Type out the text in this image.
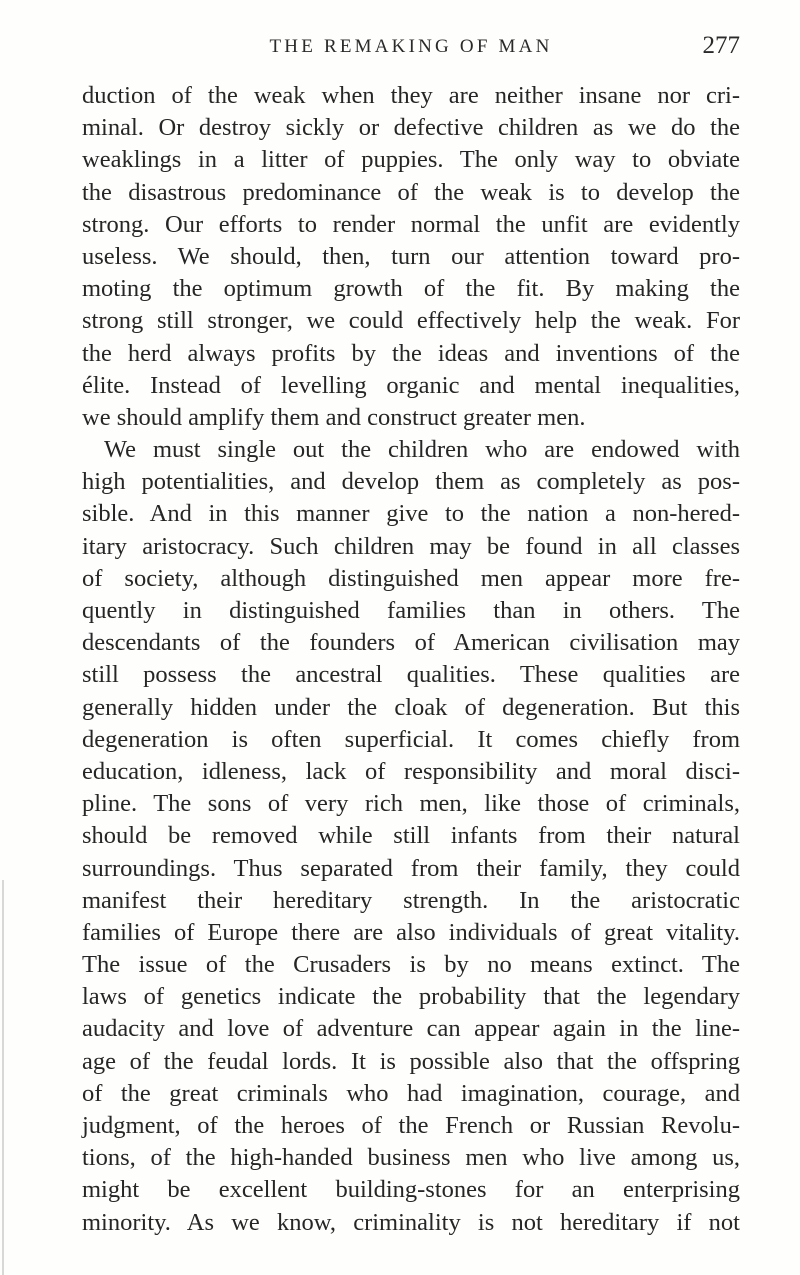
THE REMAKING OF MAN	277
duction of the weak when they are neither insane nor cri-
minal. Or destroy sickly or defective children as we do the
weaklings in a litter of puppies. The only way to obviate
the disastrous predominance of the weak is to develop the
strong. Our efforts to render normal the unfit are evidently
useless. We should, then, turn our attention toward pro-
moting the optimum growth of the fit. By making the
strong still stronger, we could effectively help the weak. For
the herd always profits by the ideas and inventions of the
élite. Instead of levelling organic and mental inequalities,
we should amplify them and construct greater men.
We must single out the children who are endowed with
high potentialities, and develop them as completely as pos-
sible. And in this manner give to the nation a non-hered-
itary aristocracy. Such children may be found in all classes
of society, although distinguished men appear more fre-
quently in distinguished families than in others. The
descendants of the founders of American civilisation may
still possess the ancestral qualities. These qualities are
generally hidden under the cloak of degeneration. But this
degeneration is often superficial. It comes chiefly from
education, idleness, lack of responsibility and moral disci-
pline. The sons of very rich men, like those of criminals,
should be removed while still infants from their natural
surroundings. Thus separated from their family, they could
manifest their hereditary strength. In the aristocratic
families of Europe there are also individuals of great vitality.
The issue of the Crusaders is by no means extinct. The
laws of genetics indicate the probability that the legendary
audacity and love of adventure can appear again in the line-
age of the feudal lords. It is possible also that the offspring
of the great criminals who had imagination, courage, and
judgment, of the heroes of the French or Russian Revolu-
tions, of the high-handed business men who live among us,
might be excellent building-stones for an enterprising
minority. As we know, criminality is not hereditary if not
